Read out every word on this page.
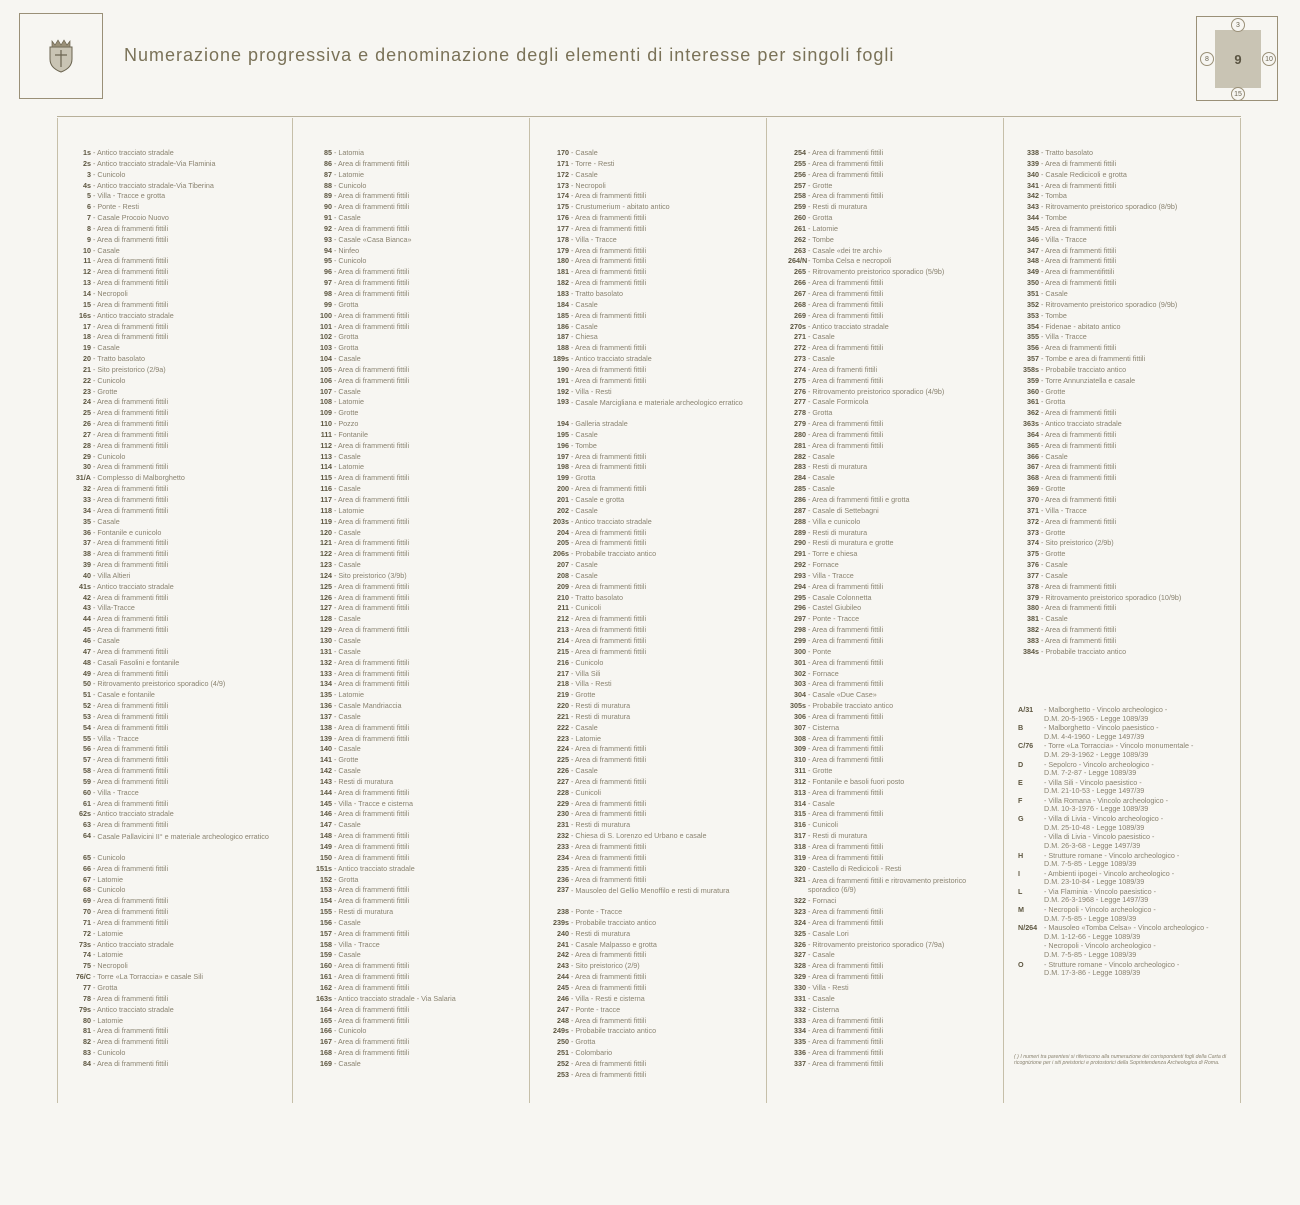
Numerazione progressiva e denominazione degli elementi di interesse per singoli fogli	9
3
8	10
15
1s - Antico tracciato stradale
2s - Antico tracciato stradale-Via Flaminia
3 - Cunicolo
4s - Antico tracciato stradale-Via Tiberina
5 - Villa - Tracce e grotta
6 - Ponte - Resti
7 - Casale Procoio Nuovo
8 - Area di frammenti fittili
9 - Area di frammenti fittili
10 - Casale
11 - Area di frammenti fittili
12 - Area di frammenti fittili
13 - Area di frammenti fittili
14 - Necropoli
15 - Area di frammenti fittili
16s - Antico tracciato stradale
17 - Area di frammenti fittili
18 - Area di frammenti fittili
19 - Casale
20 - Tratto basolato
21 - Sito preistorico (2/9a)
22 - Cunicolo
23 - Grotte
24 - Area di frammenti fittili
25 - Area di frammenti fittili
26 - Area di frammenti fittili
27 - Area di frammenti fittili
28 - Area di frammenti fittili
29 - Cunicolo
30 - Area di frammenti fittili
31/A - Complesso di Malborghetto
32 - Area di frammenti fittili
33 - Area di frammenti fittili
34 - Area di frammenti fittili
35 - Casale
36 - Fontanile e cunicolo
37 - Area di frammenti fittili
38 - Area di frammenti fittili
39 - Area di frammenti fittili
40 - Villa Altieri
41s - Antico tracciato stradale
42 - Area di frammenti fittili
43 - Villa-Tracce
44 - Area di frammenti fittili
45 - Area di frammenti fittili
46 - Casale
47 - Area di frammenti fittili
48 - Casali Fasolini e fontanile
49 - Area di frammenti fittili
50 - Ritrovamento preistorico sporadico (4/9)
51 - Casale e fontanile
52 - Area di frammenti fittili
53 - Area di frammenti fittili
54 - Area di frammenti fittili
55 - Villa - Tracce
56 - Area di frammenti fittili
57 - Area di frammenti fittili
58 - Area di frammenti fittili
59 - Area di frammenti fittili
60 - Villa - Tracce
61 - Area di frammenti fittili
62s - Antico tracciato stradale
63 - Area di frammenti fittili
64 - Casale Pallavicini II° e materiale archeologico erratico
65 - Cunicolo
66 - Area di frammenti fittili
67 - Latomie
68 - Cunicolo
69 - Area di frammenti fittili
70 - Area di frammenti fittili
71 - Area di frammenti fittili
72 - Latomie
73s - Antico tracciato stradale
74 - Latomie
75 - Necropoli
76/C - Torre «La Torraccia» e casale Sili
77 - Grotta
78 - Area di frammenti fittili
79s - Antico tracciato stradale
80 - Latomie
81 - Area di frammenti fittili
82 - Area di frammenti fittili
83 - Cunicolo
84 - Area di frammenti fittili
85 - Latomia
86 - Area di frammenti fittili
87 - Latomie
88 - Cunicolo
89 - Area di frammenti fittili
90 - Area di frammenti fittili
91 - Casale
92 - Area di frammenti fittili
93 - Casale «Casa Bianca»
94 - Ninfeo
95 - Cunicolo
96 - Area di frammenti fittili
97 - Area di frammenti fittili
98 - Area di frammenti fittili
99 - Grotta
100 - Area di frammenti fittili
101 - Area di frammenti fittili
102 - Grotta
103 - Grotta
104 - Casale
105 - Area di frammenti fittili
106 - Area di frammenti fittili
107 - Casale
108 - Latomie
109 - Grotte
110 - Pozzo
111 - Fontanile
112 - Area di frammenti fittili
113 - Casale
114 - Latomie
115 - Area di frammenti fittili
116 - Casale
117 - Area di frammenti fittili
118 - Latomie
119 - Area di frammenti fittili
120 - Casale
121 - Area di frammenti fittili
122 - Area di frammenti fittili
123 - Casale
124 - Sito preistorico (3/9b)
125 - Area di frammenti fittili
126 - Area di frammenti fittili
127 - Area di frammenti fittili
128 - Casale
129 - Area di frammenti fittili
130 - Casale
131 - Casale
132 - Area di frammenti fittili
133 - Area di frammenti fittili
134 - Area di frammenti fittili
135 - Latomie
136 - Casale Mandriaccia
137 - Casale
138 - Area di frammenti fittili
139 - Area di frammenti fittili
140 - Casale
141 - Grotte
142 - Casale
143 - Resti di muratura
144 - Area di frammenti fittili
145 - Villa - Tracce e cisterna
146 - Area di frammenti fittili
147 - Casale
148 - Area di frammenti fittili
149 - Area di frammenti fittili
150 - Area di frammenti fittili
151s - Antico tracciato stradale
152 - Grotta
153 - Area di frammenti fittili
154 - Area di frammenti fittili
155 - Resti di muratura
156 - Casale
157 - Area di frammenti fittili
158 - Villa - Tracce
159 - Casale
160 - Area di frammenti fittili
161 - Area di frammenti fittili
162 - Area di frammenti fittili
163s - Antico tracciato stradale - Via Salaria
164 - Area di frammenti fittili
165 - Area di frammenti fittili
166 - Cunicolo
167 - Area di frammenti fittili
168 - Area di frammenti fittili
169 - Casale
170 - Casale
171 - Torre - Resti
172 - Casale
173 - Necropoli
174 - Area di frammenti fittili
175 - Crustumerium - abitato antico
176 - Area di frammenti fittili
177 - Area di frammenti fittili
178 - Villa - Tracce
179 - Area di frammenti fittili
180 - Area di frammenti fittili
181 - Area di frammenti fittili
182 - Area di frammenti fittili
183 - Tratto basolato
184 - Casale
185 - Area di frammenti fittili
186 - Casale
187 - Chiesa
188 - Area di frammenti fittili
189s - Antico tracciato stradale
190 - Area di frammenti fittili
191 - Area di frammenti fittili
192 - Villa - Resti
193 - Casale Marcigliana e materiale archeologico erratico
194 - Galleria stradale
195 - Casale
196 - Tombe
197 - Area di frammenti fittili
198 - Area di frammenti fittili
199 - Grotta
200 - Area di frammenti fittili
201 - Casale e grotta
202 - Casale
203s - Antico tracciato stradale
204 - Area di frammenti fittili
205 - Area di frammenti fittili
206s - Probabile tracciato antico
207 - Casale
208 - Casale
209 - Area di frammenti fittili
210 - Tratto basolato
211 - Cunicoli
212 - Area di frammenti fittili
213 - Area di frammenti fittili
214 - Area di frammenti fittili
215 - Area di frammenti fittili
216 - Cunicolo
217 - Villa Sili
218 - Villa - Resti
219 - Grotte
220 - Resti di muratura
221 - Resti di muratura
222 - Casale
223 - Latomie
224 - Area di frammenti fittili
225 - Area di frammenti fittili
226 - Casale
227 - Area di frammenti fittili
228 - Cunicoli
229 - Area di frammenti fittili
230 - Area di frammenti fittili
231 - Resti di muratura
232 - Chiesa di S. Lorenzo ed Urbano e casale
233 - Area di frammenti fittili
234 - Area di frammenti fittili
235 - Area di frammenti fittili
236 - Area di frammenti fittili
237 - Mausoleo del Gellio Menoffilo e resti di muratura
238 - Ponte - Tracce
239s - Probabile tracciato antico
240 - Resti di muratura
241 - Casale Malpasso e grotta
242 - Area di frammenti fittili
243 - Sito preistorico (2/9)
244 - Area di frammenti fittili
245 - Area di frammenti fittili
246 - Villa - Resti e cisterna
247 - Ponte - tracce
248 - Area di frammenti fittili
249s - Probabile tracciato antico
250 - Grotta
251 - Colombario
252 - Area di frammenti fittili
253 - Area di frammenti fittili
254 - Area di frammenti fittili
255 - Area di frammenti fittili
256 - Area di frammenti fittili
257 - Grotte
258 - Area di frammenti fittili
259 - Resti di muratura
260 - Grotta
261 - Latomie
262 - Tombe
263 - Casale «dei tre archi»
264/N - Tomba Celsa e necropoli
265 - Ritrovamento preistorico sporadico (5/9b)
266 - Area di frammenti fittili
267 - Area di frammenti fittili
268 - Area di frammenti fittili
269 - Area di frammenti fittili
270s - Antico tracciato stradale
271 - Casale
272 - Area di frammenti fittili
273 - Casale
274 - Area di framenti fittili
275 - Area di frammenti fittili
276 - Ritrovamento preistorico sporadico (4/9b)
277 - Casale Formicola
278 - Grotta
279 - Area di frammenti fittili
280 - Area di frammenti fittili
281 - Area di frammenti fittili
282 - Casale
283 - Resti di muratura
284 - Casale
285 - Casale
286 - Area di frammenti fittili e grotta
287 - Casale di Settebagni
288 - Villa e cunicolo
289 - Resti di muratura
290 - Resti di muratura e grotte
291 - Torre e chiesa
292 - Fornace
293 - Villa - Tracce
294 - Area di frammenti fittili
295 - Casale Colonnetta
296 - Castel Giubileo
297 - Ponte - Tracce
298 - Area di frammenti fittili
299 - Area di frammenti fittili
300 - Ponte
301 - Area di frammenti fittili
302 - Fornace
303 - Area di frammenti fittili
304 - Casale «Due Case»
305s - Probabile tracciato antico
306 - Area di frammenti fittili
307 - Cisterna
308 - Area di frammenti fittili
309 - Area di frammenti fittili
310 - Area di frammenti fittili
311 - Grotte
312 - Fontanile e basoli fuori posto
313 - Area di frammenti fittili
314 - Casale
315 - Area di frammenti fittili
316 - Cunicoli
317 - Resti di muratura
318 - Area di frammenti fittili
319 - Area di frammenti fittili
320 - Castello di Redicicoli - Resti
321 - Area di frammenti fittili e ritrovamento preistorico sporadico (6/9)
322 - Fornaci
323 - Area di frammenti fittili
324 - Area di frammenti fittili
325 - Casale Lori
326 - Ritrovamento preistorico sporadico (7/9a)
327 - Casale
328 - Area di frammenti fittili
329 - Area di frammenti fittili
330 - Villa - Resti
331 - Casale
332 - Cisterna
333 - Area di frammenti fittili
334 - Area di frammenti fittili
335 - Area di frammenti fittili
336 - Area di frammenti fittili
337 - Area di frammenti fittili
338 - Tratto basolato
339 - Area di frammenti fittili
340 - Casale Redicicoli e grotta
341 - Area di frammenti fittili
342 - Tomba
343 - Ritrovamento preistorico sporadico (8/9b)
344 - Tombe
345 - Area di frammenti fittili
346 - Villa - Tracce
347 - Area di frammenti fittili
348 - Area di frammenti fittili
349 - Area di frammentifittili
350 - Area di frammenti fittili
351 - Casale
352 - Ritrovamento preistorico sporadico (9/9b)
353 - Tombe
354 - Fidenae - abitato antico
355 - Villa - Tracce
356 - Area di frammenti fittili
357 - Tombe e area di frammenti fittili
358s - Probabile tracciato antico
359 - Torre Annunziatella e casale
360 - Grotte
361 - Grotta
362 - Area di frammenti fittili
363s - Antico tracciato stradale
364 - Area di frammenti fittili
365 - Area di frammenti fittili
366 - Casale
367 - Area di frammenti fittili
368 - Area di frammenti fittili
369 - Grotte
370 - Area di frammenti fittili
371 - Villa - Tracce
372 - Area di frammenti fittili
373 - Grotte
374 - Sito preistorico (2/9b)
375 - Grotte
376 - Casale
377 - Casale
378 - Area di frammenti fittili
379 - Ritrovamento preistorico sporadico (10/9b)
380 - Area di frammenti fittili
381 - Casale
382 - Area di frammenti fittili
383 - Area di frammenti fittili
384s - Probabile tracciato antico
A/31	- Malborghetto - Vincolo archeologico -
D.M. 20-5-1965 - Legge 1089/39
B	- Malborghetto - Vincolo paesistico -
D.M. 4-4-1960 - Legge 1497/39
C/76	- Torre «La Torraccia» - Vincolo monumentale -
D.M. 29-3-1962 - Legge 1089/39
D	- Sepolcro - Vincolo archeologico -
D.M. 7-2-87 - Legge 1089/39
E	- Villa Sili - Vincolo paesistico -
D.M. 21-10-53 - Legge 1497/39
F	- Villa Romana - Vincolo archeologico -
D.M. 10-3-1976 - Legge 1089/39
G	- Villa di Livia - Vincolo archeologico -
D.M. 25-10-48 - Legge 1089/39
- Villa di Livia - Vincolo paesistico -
D.M. 26-3-68 - Legge 1497/39
H	- Strutture romane - Vincolo archeologico -
D.M. 7-5-85 - Legge 1089/39
I	- Ambienti ipogei - Vincolo archeologico -
D.M. 23-10-84 - Legge 1089/39
L	- Via Flaminia - Vincolo paesistico -
D.M. 26-3-1968 - Legge 1497/39
M	- Necropoli - Vincolo archeologico -
D.M. 7-5-85 - Legge 1089/39
N/264 - Mausoleo «Tomba Celsa» - Vincolo archeologico -
D.M. 1-12-66 - Legge 1089/39
- Necropoli - Vincolo archeologico -
D.M. 7-5-85 - Legge 1089/39
O	- Strutture romane - Vincolo archeologico -
D.M. 17-3-86 - Legge 1089/39
( ) I numeri tra parentesi si riferiscono alla numerazione dei corrispondenti fogli della Carta di ricognizione per i siti preistorici e protostorici della Soprintendenza Archeologica di Roma.
